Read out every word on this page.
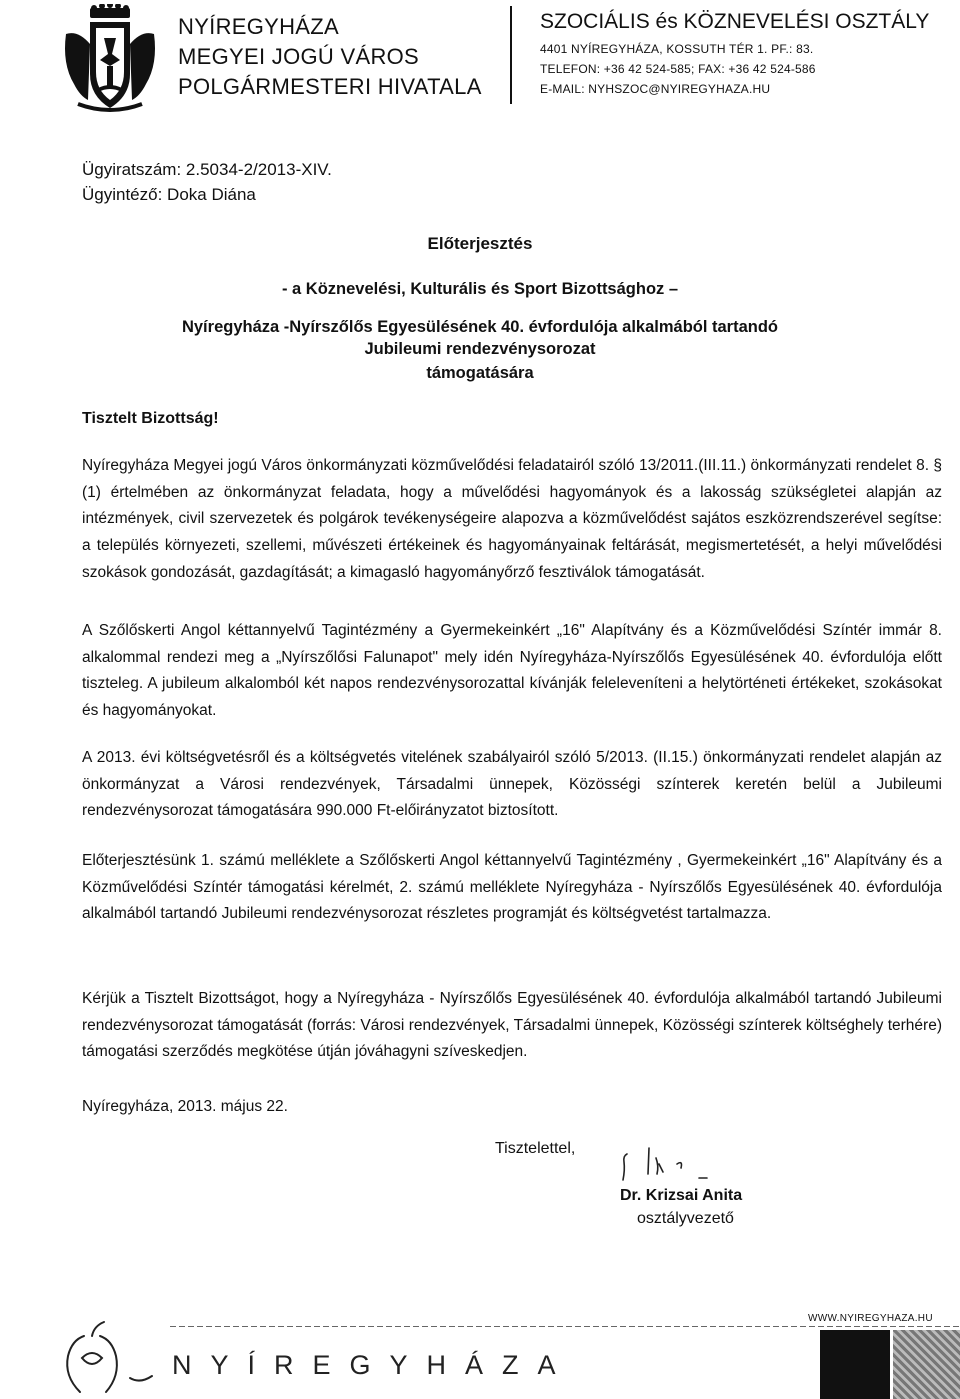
NYÍREGYHÁZA
MEGYEI JOGÚ VÁROS
POLGÁRMESTERI HIVATALA
SZOCIÁLIS és KÖZNEVELÉSI OSZTÁLY
4401 NYÍREGYHÁZA, KOSSUTH TÉR 1. PF.: 83.
TELEFON: +36 42 524-585; FAX: +36 42 524-586
E-MAIL: NYHSZOC@NYIREGYHAZA.HU
Ügyiratszám: 2.5034-2/2013-XIV.
Ügyintéző: Doka Diána
Előterjesztés
- a Köznevelési, Kulturális és Sport Bizottsághoz –
Nyíregyháza -Nyírszőlős Egyesülésének 40. évfordulója alkalmából tartandó
Jubileumi rendezvénysorozat
támogatására
Tisztelt Bizottság!
Nyíregyháza Megyei jogú Város önkormányzati közművelődési feladatairól szóló 13/2011.(III.11.) önkormányzati rendelet 8. § (1) értelmében az önkormányzat feladata, hogy a művelődési hagyományok és a lakosság szükségletei alapján az intézmények, civil szervezetek és polgárok tevékenységeire alapozva a közművelődést sajátos eszközrendszerével segítse: a település környezeti, szellemi, művészeti értékeinek és hagyományainak feltárását, megismertetését, a helyi művelődési szokások gondozását, gazdagítását; a kimagasló hagyományőrző fesztiválok támogatását.
A Szőlőskerti Angol kéttannyelvű Tagintézmény a Gyermekeinkért „16" Alapítvány és a Közművelődési Színtér immár 8. alkalommal rendezi meg a „Nyírszőlősi Falunapot" mely idén Nyíregyháza-Nyírszőlős Egyesülésének 40. évfordulója előtt tiszteleg. A jubileum alkalomból két napos rendezvénysorozattal kívánják feleleveníteni a helytörténeti értékeket, szokásokat és hagyományokat.
A 2013. évi költségvetésről és a költségvetés vitelének szabályairól szóló 5/2013. (II.15.) önkormányzati rendelet alapján az önkormányzat a Városi rendezvények, Társadalmi ünnepek, Közösségi színterek keretén belül a Jubileumi rendezvénysorozat támogatására 990.000 Ft-előirányzatot biztosított.
Előterjesztésünk 1. számú melléklete a Szőlőskerti Angol kéttannyelvű Tagintézmény , Gyermekeinkért „16" Alapítvány és a Közművelődési Színtér támogatási kérelmét, 2. számú melléklete Nyíregyháza - Nyírszőlős Egyesülésének 40. évfordulója alkalmából tartandó Jubileumi rendezvénysorozat részletes programját és költségvetést tartalmazza.
Kérjük a Tisztelt Bizottságot, hogy a Nyíregyháza - Nyírszőlős Egyesülésének 40. évfordulója alkalmából tartandó Jubileumi rendezvénysorozat támogatását (forrás: Városi rendezvények, Társadalmi ünnepek, Közösségi színterek költséghely terhére) támogatási szerződés megkötése útján jóváhagyni szíveskedjen.
Nyíregyháza, 2013. május 22.
Tisztelettel,
Dr. Krizsai Anita
osztályvezető
WWW.NYIREGYHAZA.HU
NYÍREGYHÁZA
